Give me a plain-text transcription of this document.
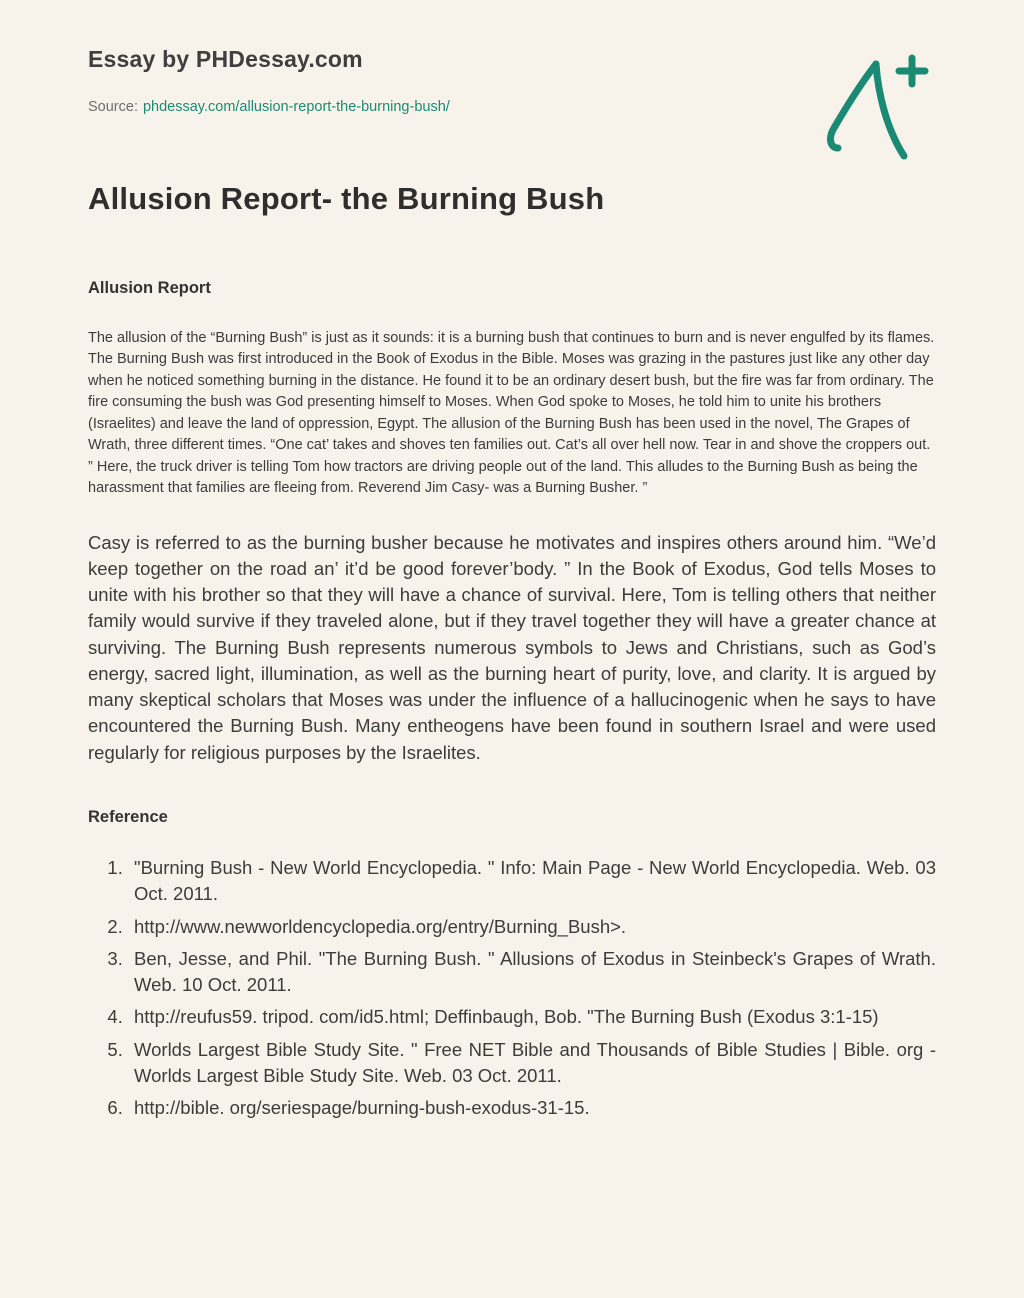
Essay by PHDessay.com

Source: phdessay.com/allusion-report-the-burning-bush/

Allusion Report- the Burning Bush
Allusion Report

The allusion of the “Burning Bush” is just as it sounds: it is a burning bush that continues to burn and is never engulfed by its flames. The Burning Bush was first introduced in the Book of Exodus in the Bible. Moses was grazing in the pastures just like any other day when he noticed something burning in the distance. He found it to be an ordinary desert bush, but the fire was far from ordinary. The fire consuming the bush was God presenting himself to Moses. When God spoke to Moses, he told him to unite his brothers (Israelites) and leave the land of oppression, Egypt. The allusion of the Burning Bush has been used in the novel, The Grapes of Wrath, three different times. “One cat’ takes and shoves ten families out. Cat’s all over hell now. Tear in and shove the croppers out. ” Here, the truck driver is telling Tom how tractors are driving people out of the land. This alludes to the Burning Bush as being the harassment that families are fleeing from. Reverend Jim Casy- was a Burning Busher. ”

Casy is referred to as the burning busher because he motivates and inspires others around him. “We’d keep together on the road an’ it’d be good forever’body. ” In the Book of Exodus, God tells Moses to unite with his brother so that they will have a chance of survival. Here, Tom is telling others that neither family would survive if they traveled alone, but if they travel together they will have a greater chance at surviving. The Burning Bush represents numerous symbols to Jews and Christians, such as God’s energy, sacred light, illumination, as well as the burning heart of purity, love, and clarity. It is argued by many skeptical scholars that Moses was under the influence of a hallucinogenic when he says to have encountered the Burning Bush. Many entheogens have been found in southern Israel and were used regularly for religious purposes by the Israelites.

Reference
1. "Burning Bush - New World Encyclopedia. " Info: Main Page - New World Encyclopedia. Web. 03 Oct. 2011.
2. http://www.newworldencyclopedia.org/entry/Burning_Bush>.
3. Ben, Jesse, and Phil. "The Burning Bush. " Allusions of Exodus in Steinbeck's Grapes of Wrath. Web. 10 Oct. 2011.
4. http://reufus59. tripod. com/id5.html; Deffinbaugh, Bob. "The Burning Bush (Exodus 3:1-15)
5. Worlds Largest Bible Study Site. " Free NET Bible and Thousands of Bible Studies | Bible. org - Worlds Largest Bible Study Site. Web. 03 Oct. 2011.
6. http://bible. org/seriespage/burning-bush-exodus-31-15.
